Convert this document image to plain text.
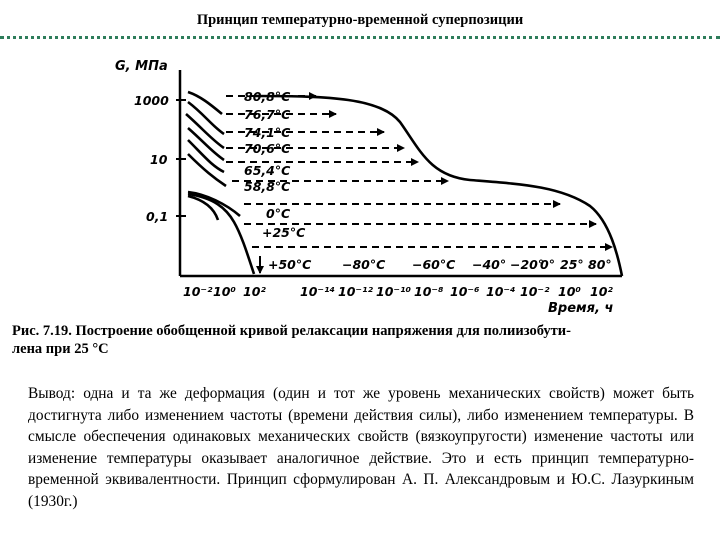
Принцип температурно-временной суперпозиции
G, МПа
1000
10
0,1
80,8°С
76,7°С
74,1°С
70,6°С
65,4°С
58,8°С
0°С
+25°С
+50°С −80°С −60°С −40° −20°
0° 25° 80°
10⁻² 10⁰ 10²	10⁻¹⁴ 10⁻¹² 10⁻¹⁰ 10⁻⁸ 10⁻⁶ 10⁻⁴ 10⁻² 10⁰ 10²
Время, ч
Рис. 7.19. Построение обобщенной кривой релаксации напряжения для полиизобути-
лена при 25 °С

Вывод: одна и та же деформация (один и тот же уровень механических свойств) может быть достигнута либо изменением частоты (времени действия силы), либо изменением температуры. В смысле обеспечения одинаковых механических свойств (вязкоупругости) изменение частоты или изменение температуры оказывает аналогичное действие. Это и есть принцип температурно-временной эквивалентности. Принцип сформулирован А. П. Александровым и Ю.С. Лазуркиным (1930г.)
